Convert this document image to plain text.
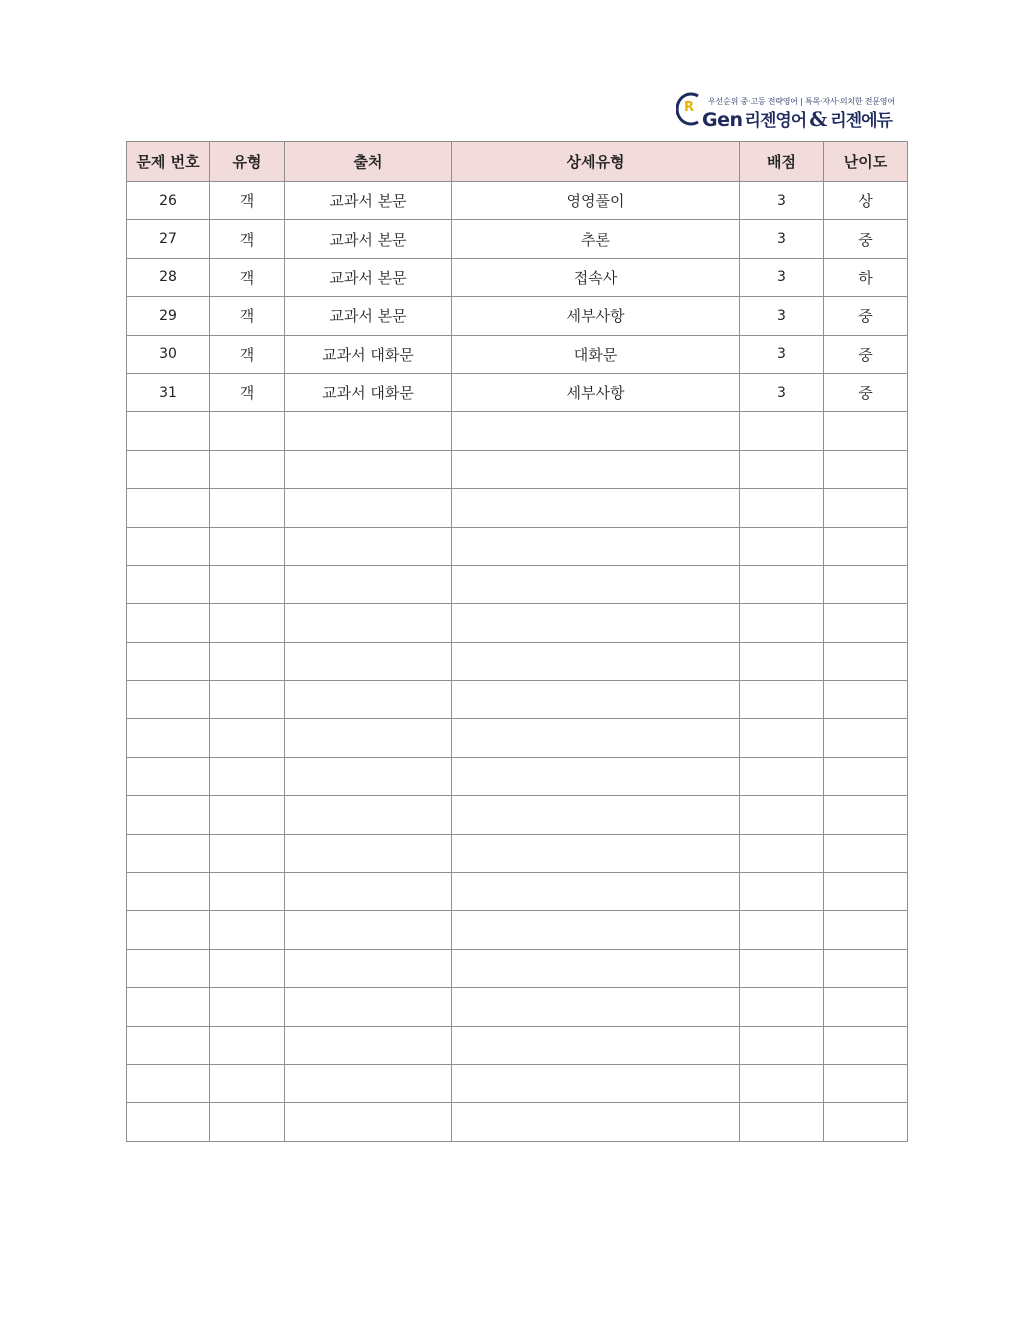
R 우선순위 중·고등 전략영어 | 특목·자사·의치한 전문영어
Gen 리젠영어 & 리젠에듀
문제 번호	유형	출처	상세유형	배점	난이도
26	객	교과서 본문	영영풀이	3	상
27	객	교과서 본문	추론	3	중
28	객	교과서 본문	접속사	3	하
29	객	교과서 본문	세부사항	3	중
30	객	교과서 대화문	대화문	3	중
31	객	교과서 대화문	세부사항	3	중
